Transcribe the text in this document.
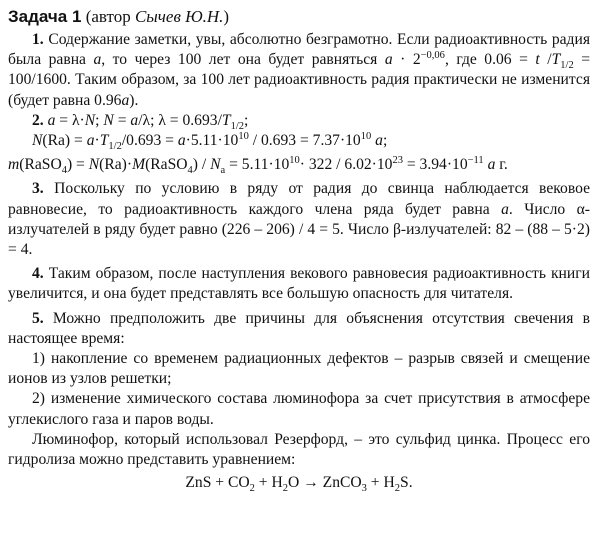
Задача 1 (автор Сычев Ю.Н.)

1. Содержание заметки, увы, абсолютно безграмотно. Если радиоактивность радия была равна a, то через 100 лет она будет равняться $a \cdot 2^{-0,06}$, где 0.06 = t $/T_{1/2} = 100/1600$. Таким образом, за 100 лет радиоактивность радия практически не изменится (будет равна 0.96a).

2. a = λ·N; N = a/λ; $\lambda = 0.693/T_{1/2}$;

$N(Ra) = a\cdot T_{1/2}/0.693 = a\cdot 5.11\cdot 10^{10} / 0.693 = 7.37\cdot 10^{10}$ a;

m(RaSO$_4$) = N(Ra)·M(RaSO$_4$) / $N_a = 5.11\cdot 10^{10}\cdot 322 / 6.02\cdot 10^{23} = 3.94\cdot 10^{-11}$ a г.

3. Поскольку по условию в ряду от радия до свинца наблюдается вековое равновесие, то радиоактивность каждого члена ряда будет равна a. Число α-излучателей в ряду будет равно (226 – 206) / 4 = 5. Число β-излучателей: 82 – (88 – 5·2) = 4.

4. Таким образом, после наступления векового равновесия радиоактивность книги увеличится, и она будет представлять все большую опасность для читателя.

5. Можно предположить две причины для объяснения отсутствия свечения в настоящее время:

1) накопление со временем радиационных дефектов – разрыв связей и смещение ионов из узлов решетки;

2) изменение химического состава люминофора за счет присутствия в атмосфере углекислого газа и паров воды.

Люминофор, который использовал Резерфорд, – это сульфид цинка. Процесс его гидролиза можно представить уравнением:

ZnS + $CO_2 + H_2O$ → ZnCO$_3$ + $H_2S$.
